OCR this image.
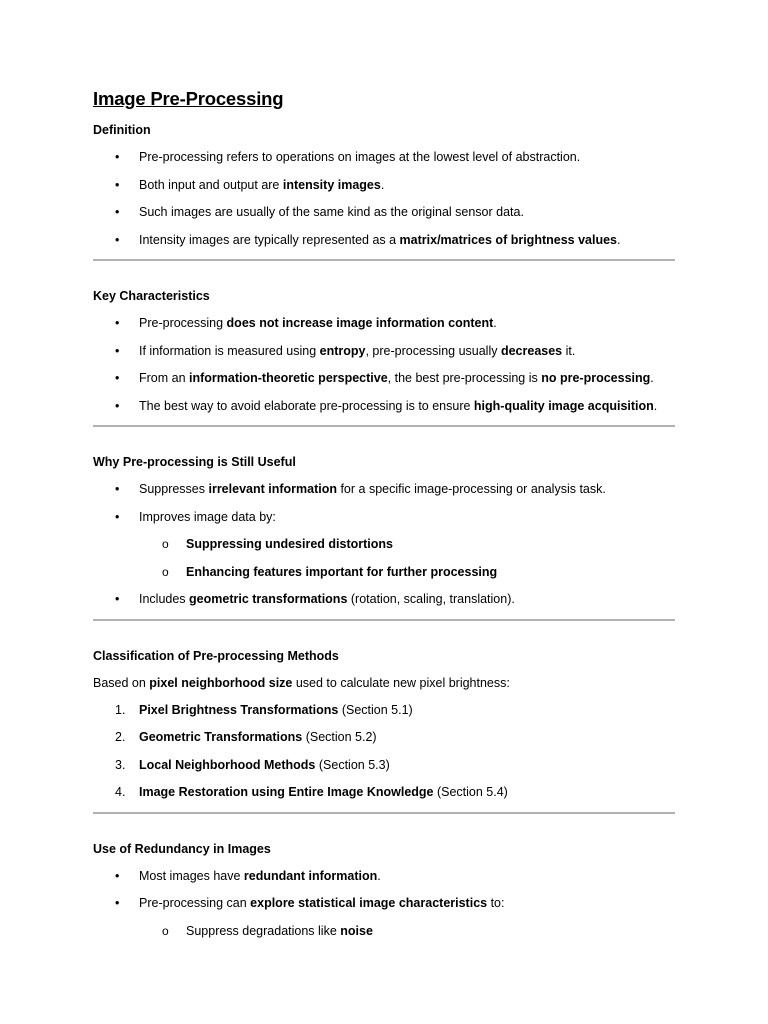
Image Pre-Processing
Definition
•	Pre-processing refers to operations on images at the lowest level of abstraction.
•	Both input and output are intensity images.
•	Such images are usually of the same kind as the original sensor data.
•	Intensity images are typically represented as a matrix/matrices of brightness values.
Key Characteristics
•	Pre-processing does not increase image information content.
•	If information is measured using entropy, pre-processing usually decreases it.
•	From an information-theoretic perspective, the best pre-processing is no pre-processing.
•	The best way to avoid elaborate pre-processing is to ensure high-quality image acquisition.
Why Pre-processing is Still Useful
•	Suppresses irrelevant information for a specific image-processing or analysis task.
•	Improves image data by:
o	Suppressing undesired distortions
o	Enhancing features important for further processing
•	Includes geometric transformations (rotation, scaling, translation).
Classification of Pre-processing Methods
Based on pixel neighborhood size used to calculate new pixel brightness:
1. Pixel Brightness Transformations (Section 5.1)
2. Geometric Transformations (Section 5.2)
3. Local Neighborhood Methods (Section 5.3)
4. Image Restoration using Entire Image Knowledge (Section 5.4)
Use of Redundancy in Images
•	Most images have redundant information.
•	Pre-processing can explore statistical image characteristics to:
o	Suppress degradations like noise
